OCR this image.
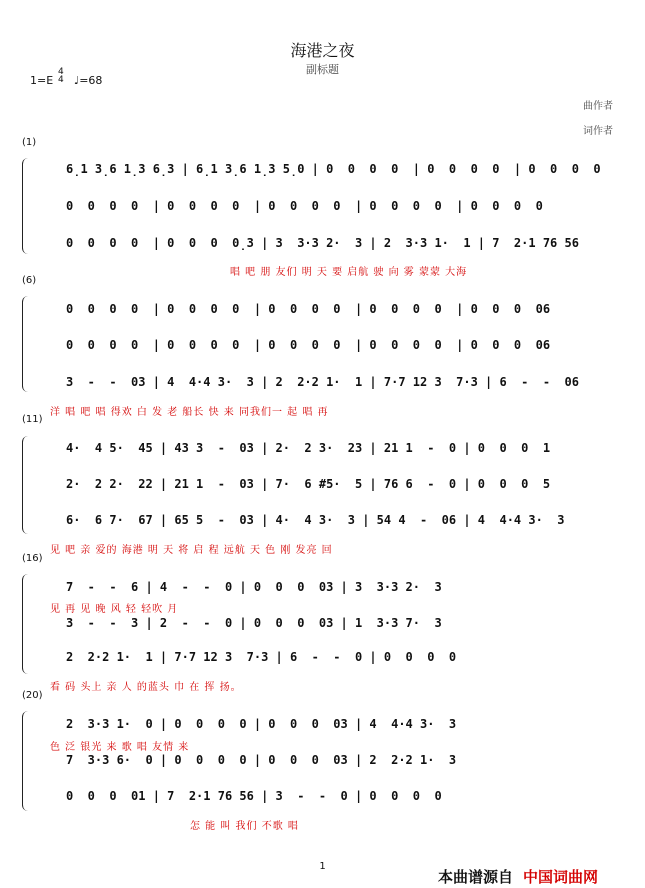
海港之夜
副标题
1=E
4
4 ♩=68
曲作者
词作者
(1)
6̣1 3̣6 1̣3 6̣3 | 6̣1 3̣6 1̣3 5̣0 | 0  0  0  0  | 0  0  0  0  | 0  0  0  0
0  0  0  0  | 0  0  0  0  | 0  0  0  0  | 0  0  0  0  | 0  0  0  0
0  0  0  0  | 0  0  0  0̣3 | 3  3·3 2·  3 | 2  3·3 1·  1 | 7  2·1 76 56
唱 吧 朋 友们 明 天 要 启航 驶 向 雾 蒙蒙 大海
(6)
0  0  0  0  | 0  0  0  0  | 0  0  0  0  | 0  0  0  0  | 0  0  0  06
0  0  0  0  | 0  0  0  0  | 0  0  0  0  | 0  0  0  0  | 0  0  0  06
3  -  -  03 | 4  4·4 3·  3 | 2  2·2 1·  1 | 7·7 12 3  7·3 | 6  -  -  06
洋 唱 吧 唱 得欢 白 发 老 船长 快 来 同我们一 起 唱 再
(11)
4·  4 5·  45 | 43 3  -  03 | 2·  2 3·  23 | 21 1  -  0 | 0  0  0  1
2·  2 2·  22 | 21 1  -  03 | 7·  6 #5·  5 | 76 6  -  0 | 0  0  0  5
6·  6 7·  67 | 65 5  -  03 | 4·  4 3·  3 | 54 4  -  06 | 4  4·4 3·  3
见 吧 亲 爱的 海港 明 天 将 启 程 远航 天 色 刚 发亮 回
(16)
7  -  -  6 | 4  -  -  0 | 0  0  0  03 | 3  3·3 2·  3
见 再 见 晚 风 轻 轻吹 月
3  -  -  3 | 2  -  -  0 | 0  0  0  03 | 1  3·3 7·  3
2  2·2 1·  1 | 7·7 12 3  7·3 | 6  -  -  0 | 0  0  0  0
看 码 头上 亲 人 的蓝头 巾 在 挥 扬。
(20)
2  3·3 1·  0 | 0  0  0  0 | 0  0  0  03 | 4  4·4 3·  3
色 泛 银光 来 歌 唱 友情 来
7  3·3 6·  0 | 0  0  0  0 | 0  0  0  03 | 2  2·2 1·  3
0  0  0  01 | 7  2·1 76 56 | 3  -  -  0 | 0  0  0  0
怎 能 叫 我们 不歌 唱
1
本曲谱源自 中国词曲网
